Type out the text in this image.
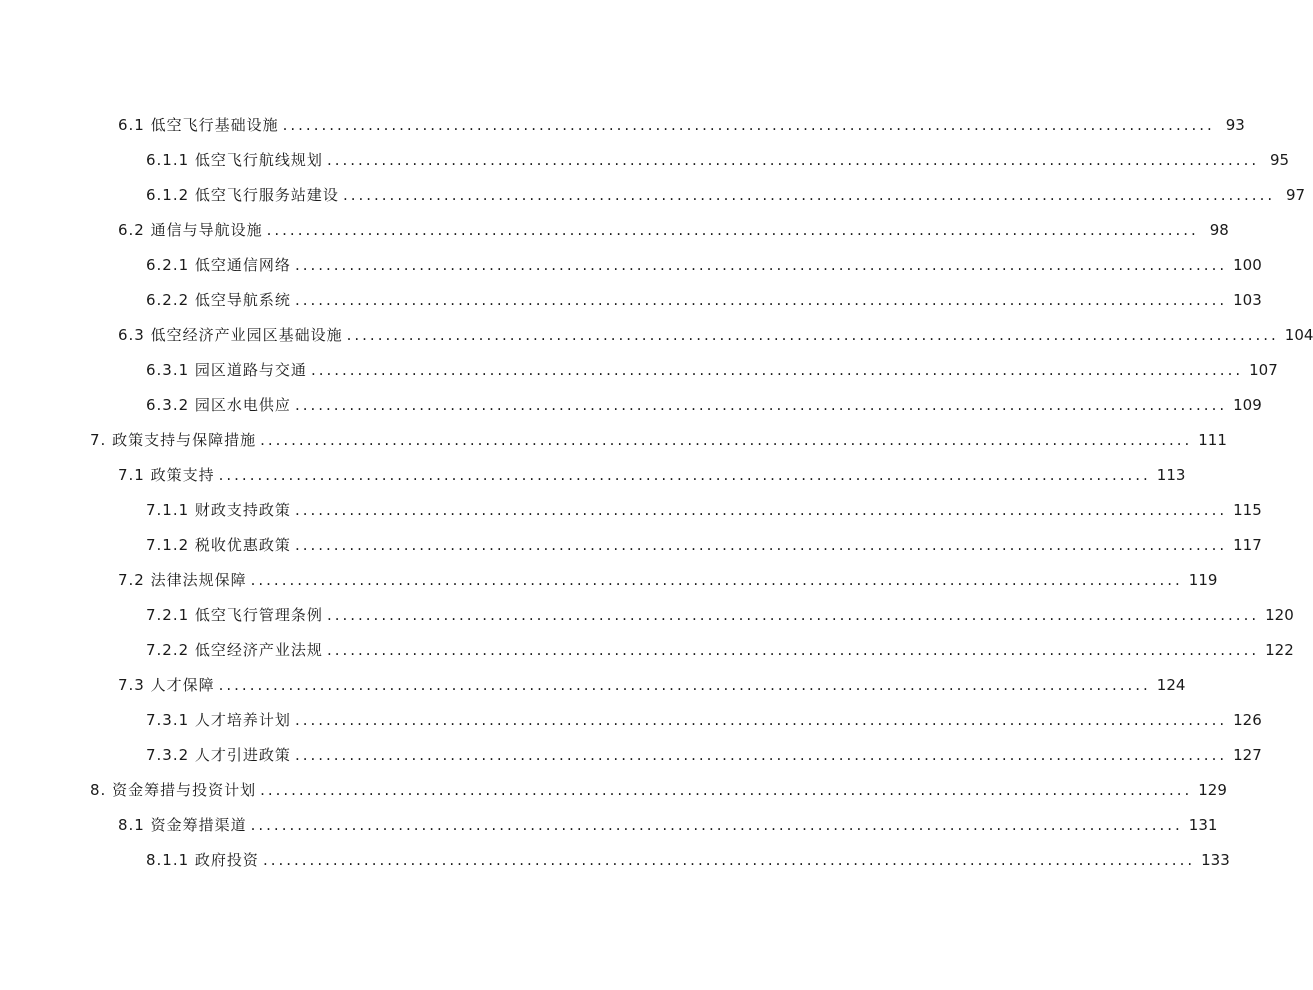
6.1 低空飞行基础设施 ........................................................................................................................ 93
6.1.1 低空飞行航线规划 ........................................................................................................................ 95
6.1.2 低空飞行服务站建设 ........................................................................................................................ 97
6.2 通信与导航设施 ........................................................................................................................ 98
6.2.1 低空通信网络 ........................................................................................................................ 100
6.2.2 低空导航系统 ........................................................................................................................ 103
6.3 低空经济产业园区基础设施 ........................................................................................................................ 104
6.3.1 园区道路与交通 ........................................................................................................................ 107
6.3.2 园区水电供应 ........................................................................................................................ 109
7. 政策支持与保障措施 ........................................................................................................................ 111
7.1 政策支持 ........................................................................................................................ 113
7.1.1 财政支持政策 ........................................................................................................................ 115
7.1.2 税收优惠政策 ........................................................................................................................ 117
7.2 法律法规保障 ........................................................................................................................ 119
7.2.1 低空飞行管理条例 ........................................................................................................................ 120
7.2.2 低空经济产业法规 ........................................................................................................................ 122
7.3 人才保障 ........................................................................................................................ 124
7.3.1 人才培养计划 ........................................................................................................................ 126
7.3.2 人才引进政策 ........................................................................................................................ 127
8. 资金筹措与投资计划 ........................................................................................................................ 129
8.1 资金筹措渠道 ........................................................................................................................ 131
8.1.1 政府投资 ........................................................................................................................ 133
